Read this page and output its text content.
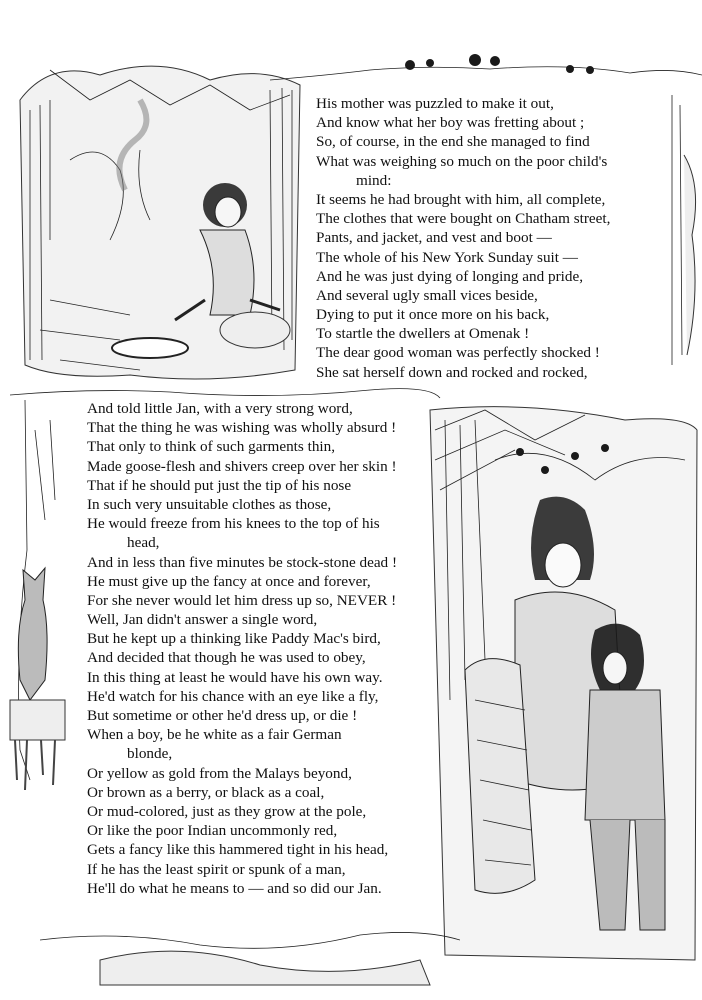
His mother was puzzled to make it out,
And know what her boy was fretting about ;
So, of course, in the end she managed to find
What was weighing so much on the poor child's
mind:
It seems he had brought with him, all complete,
The clothes that were bought on Chatham street,
Pants, and jacket, and vest and boot —
The whole of his New York Sunday suit —
And he was just dying of longing and pride,
And several ugly small vices beside,
Dying to put it once more on his back,
To startle the dwellers at Omenak !
The dear good woman was perfectly shocked !
She sat herself down and rocked and rocked,
And told little Jan, with a very strong word,
That the thing he was wishing was wholly absurd !
That only to think of such garments thin,
Made goose-flesh and shivers creep over her skin !
That if he should put just the tip of his nose
In such very unsuitable clothes as those,
He would freeze from his knees to the top of his
head,
And in less than five minutes be stock-stone dead !
He must give up the fancy at once and forever,
For she never would let him dress up so, NEVER !
Well, Jan didn't answer a single word,
But he kept up a thinking like Paddy Mac's bird,
And decided that though he was used to obey,
In this thing at least he would have his own way.
He'd watch for his chance with an eye like a fly,
But sometime or other he'd dress up, or die !
When a boy, be he white as a fair German
blonde,
Or yellow as gold from the Malays beyond,
Or brown as a berry, or black as a coal,
Or mud-colored, just as they grow at the pole,
Or like the poor Indian uncommonly red,
Gets a fancy like this hammered tight in his head,
If he has the least spirit or spunk of a man,
He'll do what he means to — and so did our Jan.
